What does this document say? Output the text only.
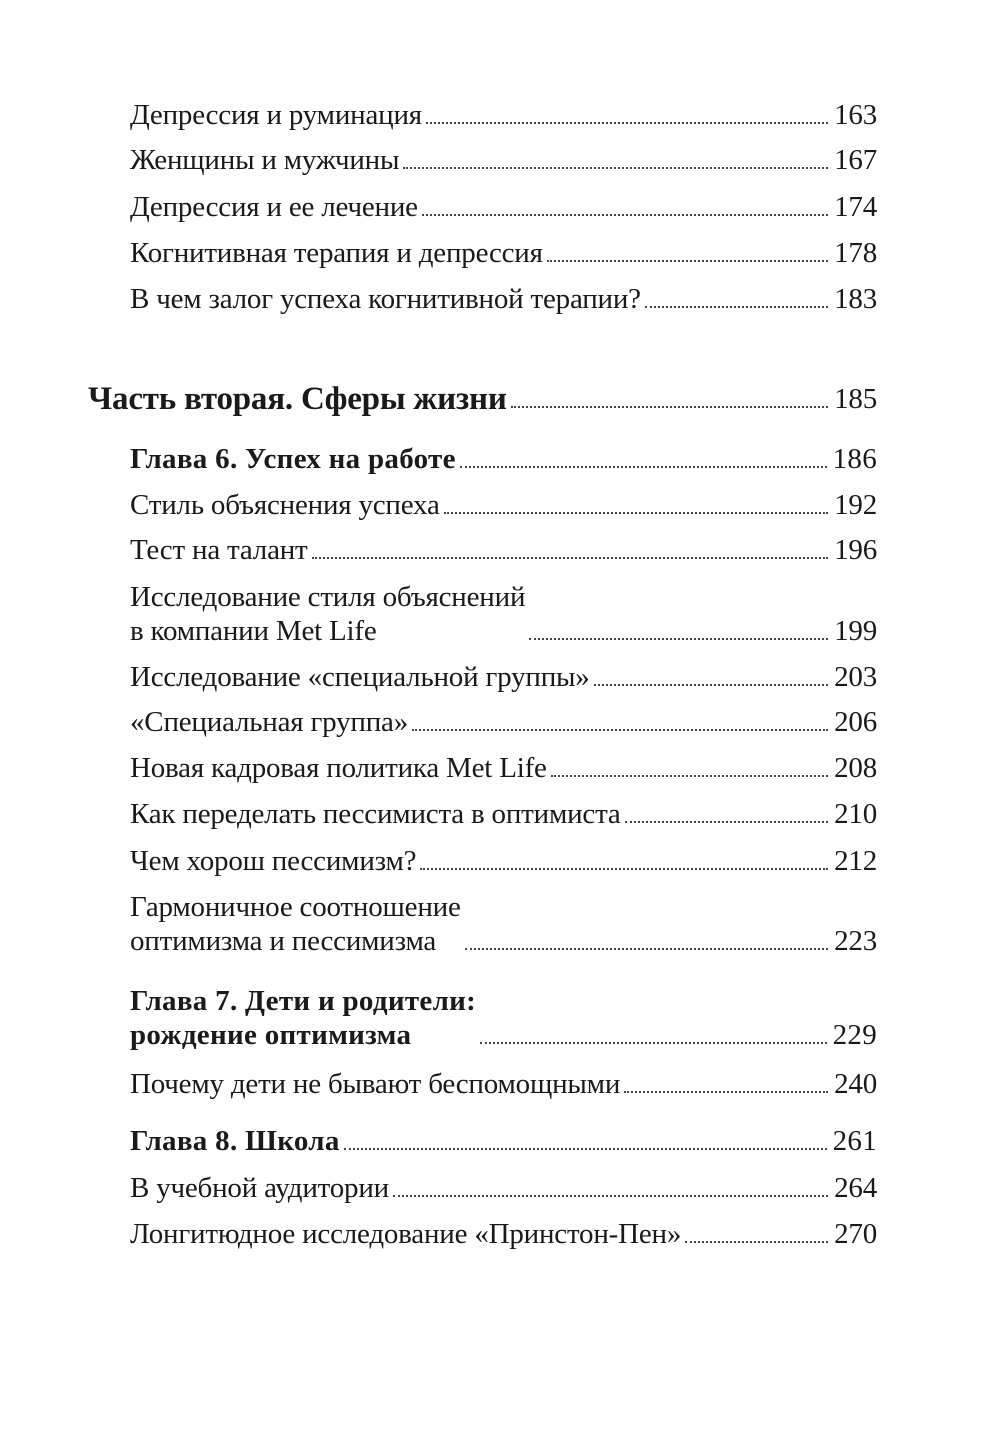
Депрессия и руминация	163
Женщины и мужчины	167
Депрессия и ее лечение	174
Когнитивная терапия и депрессия	178
В чем залог успеха когнитивной терапии?	183
Часть вторая. Сферы жизни	185
Глава 6. Успех на работе	186
Стиль объяснения успеха	192
Тест на талант	196
Исследование стиля объяснений
в компании Met Life	199
Исследование «специальной группы»	203
«Специальная группа»	206
Новая кадровая политика Met Life	208
Как переделать пессимиста в оптимиста	210
Чем хорош пессимизм?	212
Гармоничное соотношение
оптимизма и пессимизма	223
Глава 7. Дети и родители:
рождение оптимизма	229
Почему дети не бывают беспомощными	240
Глава 8. Школа	261
В учебной аудитории	264
Лонгитюдное исследование «Принстон-Пен»	270
